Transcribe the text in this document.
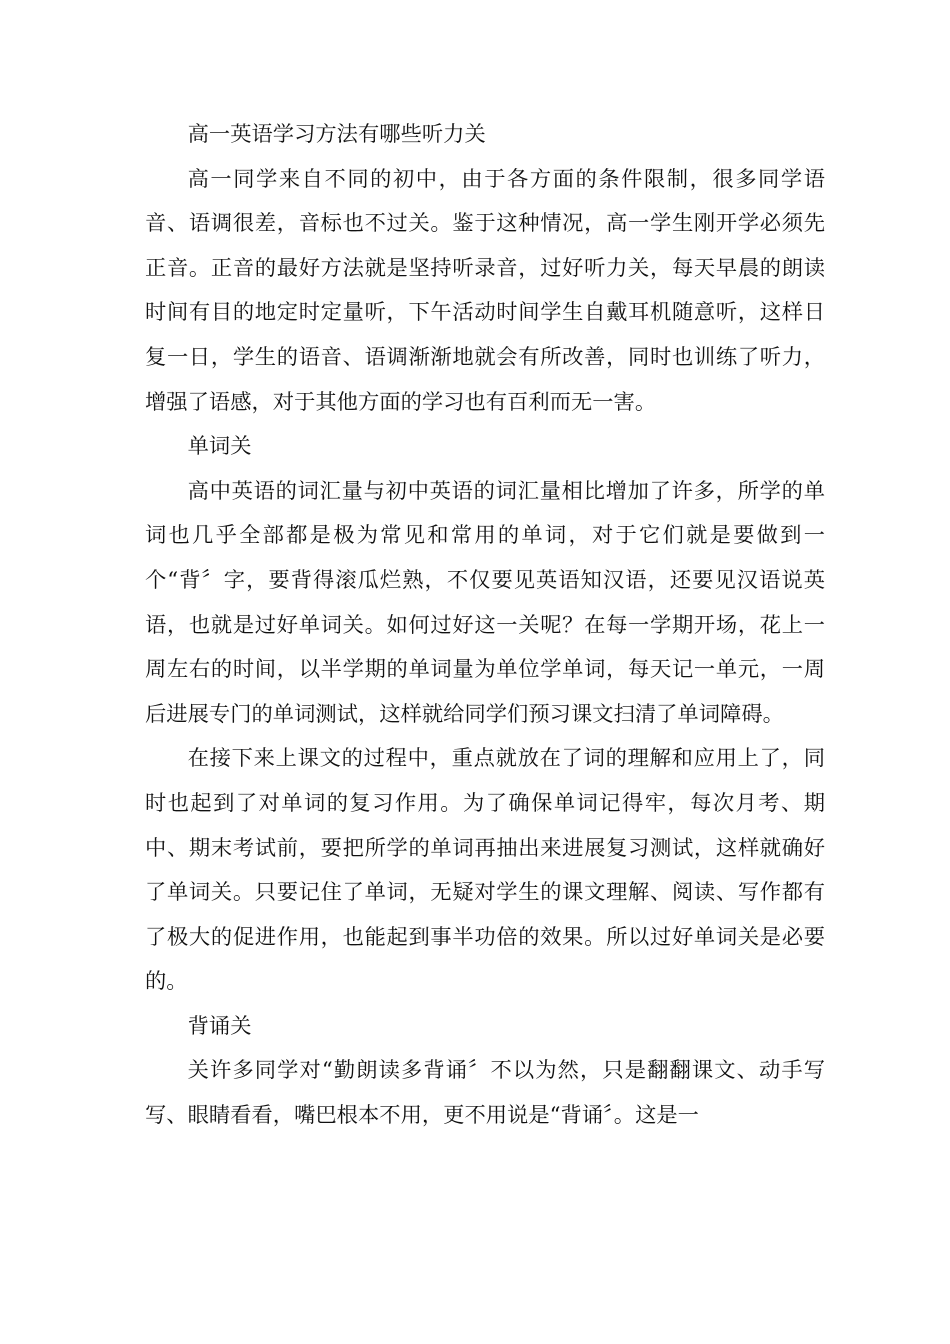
高一英语学习方法有哪些听力关

高一同学来自不同的初中，由于各方面的条件限制，很多同学语音、语调很差，音标也不过关。鉴于这种情况，高一学生刚开学必须先正音。正音的最好方法就是坚持听录音，过好听力关，每天早晨的朗读时间有目的地定时定量听，下午活动时间学生自戴耳机随意听，这样日复一日，学生的语音、语调渐渐地就会有所改善，同时也训练了听力，增强了语感，对于其他方面的学习也有百利而无一害。

单词关

高中英语的词汇量与初中英语的词汇量相比增加了许多，所学的单词也几乎全部都是极为常见和常用的单词，对于它们就是要做到一个“背〞字，要背得滚瓜烂熟，不仅要见英语知汉语，还要见汉语说英语，也就是过好单词关。如何过好这一关呢？在每一学期开场，花上一周左右的时间，以半学期的单词量为单位学单词，每天记一单元，一周后进展专门的单词测试，这样就给同学们预习课文扫清了单词障碍。

在接下来上课文的过程中，重点就放在了词的理解和应用上了，同时也起到了对单词的复习作用。为了确保单词记得牢，每次月考、期中、期末考试前，要把所学的单词再抽出来进展复习测试，这样就确好了单词关。只要记住了单词，无疑对学生的课文理解、阅读、写作都有了极大的促进作用，也能起到事半功倍的效果。所以过好单词关是必要的。

背诵关

关许多同学对“勤朗读多背诵〞不以为然，只是翻翻课文、动手写写、眼睛看看，嘴巴根本不用，更不用说是“背诵〞。这是一
